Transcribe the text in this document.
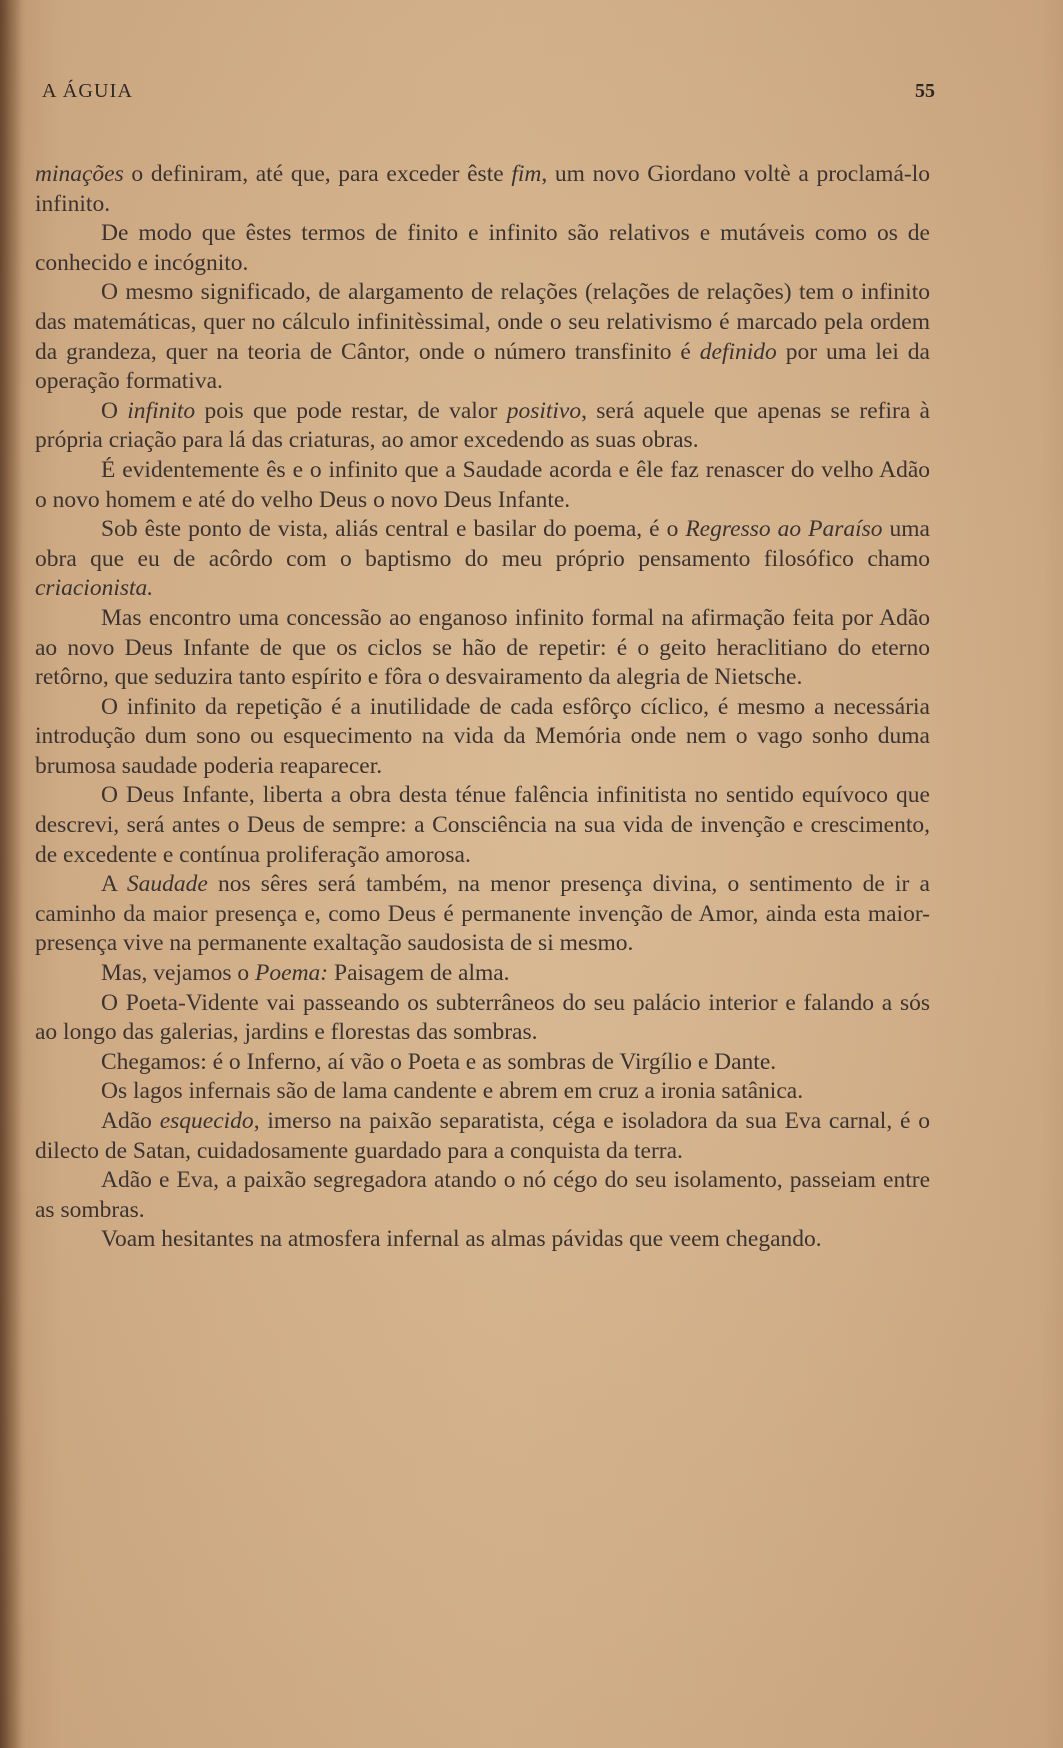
A ÁGUIA	55

minações o definiram, até que, para exceder êste fim, um novo Giordano voltè a proclamá-lo infinito.

De modo que êstes termos de finito e infinito são relativos e mutáveis como os de conhecido e incógnito.

O mesmo significado, de alargamento de relações (relações de relações) tem o infinito das matemáticas, quer no cálculo infinitèssimal, onde o seu relativismo é marcado pela ordem da grandeza, quer na teoria de Cântor, onde o número transfinito é definido por uma lei da operação formativa.

O infinito pois que pode restar, de valor positivo, será aquele que apenas se refira à própria criação para lá das criaturas, ao amor excedendo as suas obras.

É evidentemente ês e o infinito que a Saudade acorda e êle faz renascer do velho Adão o novo homem e até do velho Deus o novo Deus Infante.

Sob êste ponto de vista, aliás central e basilar do poema, é o Regresso ao Paraíso uma obra que eu de acôrdo com o baptismo do meu próprio pensamento filosófico chamo criacionista.

Mas encontro uma concessão ao enganoso infinito formal na afirmação feita por Adão ao novo Deus Infante de que os ciclos se hão de repetir: é o geito heraclitiano do eterno retôrno, que seduzira tanto espírito e fôra o desvairamento da alegria de Nietsche.

O infinito da repetição é a inutilidade de cada esfôrço cíclico, é mesmo a necessária introdução dum sono ou esquecimento na vida da Memória onde nem o vago sonho duma brumosa saudade poderia reaparecer.

O Deus Infante, liberta a obra desta ténue falência infinitista no sentido equívoco que descrevi, será antes o Deus de sempre: a Consciência na sua vida de invenção e crescimento, de excedente e contínua proliferação amorosa.

A Saudade nos sêres será também, na menor presença divina, o sentimento de ir a caminho da maior presença e, como Deus é permanente invenção de Amor, ainda esta maior-presença vive na permanente exaltação saudosista de si mesmo.

Mas, vejamos o Poema: Paisagem de alma.

O Poeta-Vidente vai passeando os subterrâneos do seu palácio interior e falando a sós ao longo das galerias, jardins e florestas das sombras.

Chegamos: é o Inferno, aí vão o Poeta e as sombras de Virgílio e Dante.

Os lagos infernais são de lama candente e abrem em cruz a ironia satânica.

Adão esquecido, imerso na paixão separatista, céga e isoladora da sua Eva carnal, é o dilecto de Satan, cuidadosamente guardado para a conquista da terra.

Adão e Eva, a paixão segregadora atando o nó cégo do seu isolamento, passeiam entre as sombras.

Voam hesitantes na atmosfera infernal as almas pávidas que veem chegando.
